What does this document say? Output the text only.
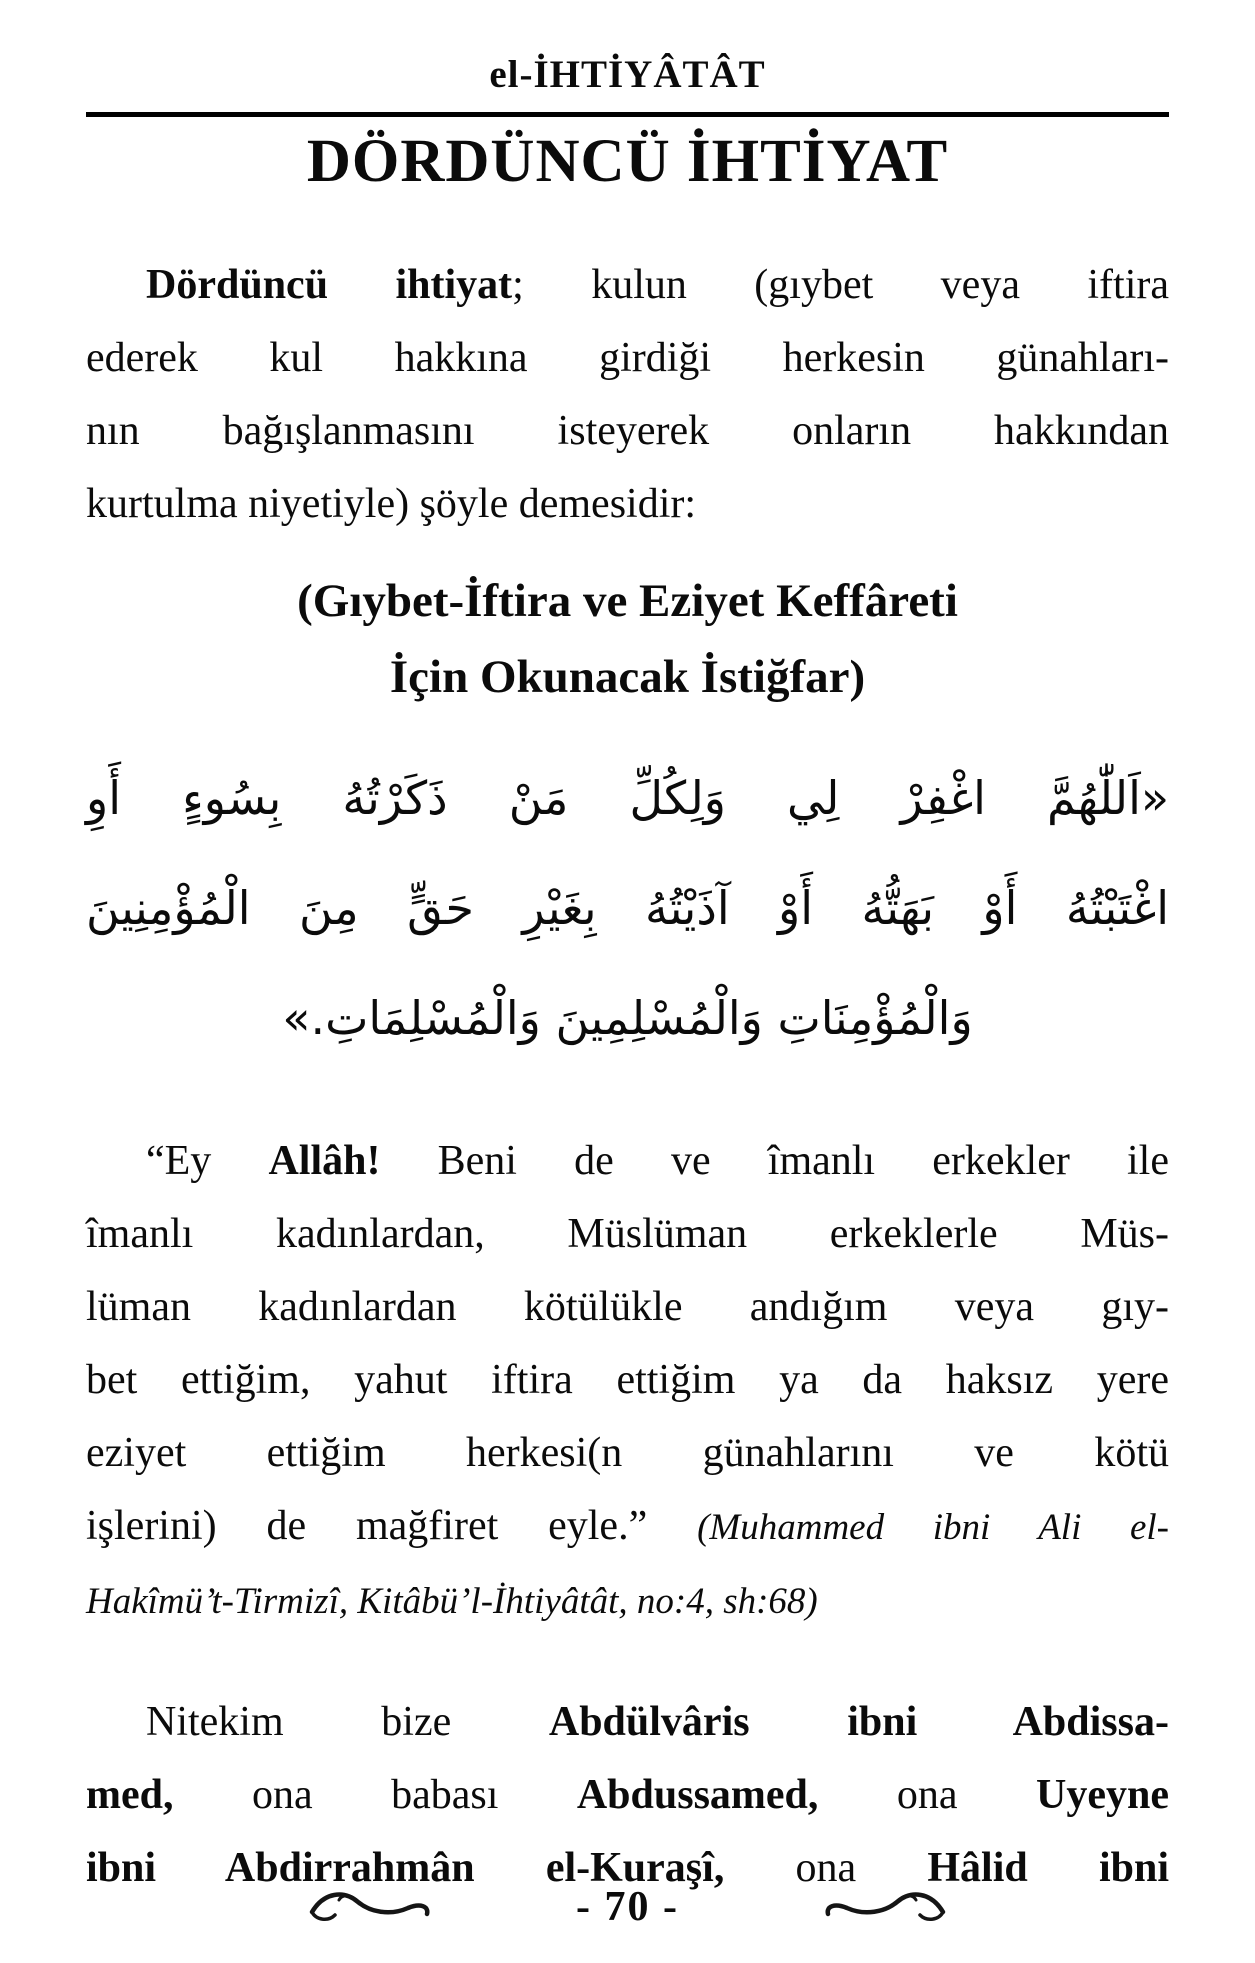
el-İHTİYÂTÂT
DÖRDÜNCÜ İHTİYAT
Dördüncü ihtiyat; kulun (gıybet veya iftira
ederek kul hakkına girdiği herkesin günahları-
nın bağışlanmasını isteyerek onların hakkından
kurtulma niyetiyle) şöyle demesidir:
(Gıybet-İftira ve Eziyet Keffâreti
İçin Okunacak İstiğfar)
«اَللّٰهُمَّ اغْفِرْ لِي وَلِكُلِّ مَنْ ذَكَرْتُهُ بِسُوءٍ أَوِ
اغْتَبْتُهُ أَوْ بَهَتُّهُ أَوْ آذَيْتُهُ بِغَيْرِ حَقٍّ مِنَ الْمُؤْمِنِينَ
وَالْمُؤْمِنَاتِ وَالْمُسْلِمِينَ وَالْمُسْلِمَاتِ.»
“Ey Allâh! Beni de ve îmanlı erkekler ile
îmanlı kadınlardan, Müslüman erkeklerle Müs-
lüman kadınlardan kötülükle andığım veya gıy-
bet ettiğim, yahut iftira ettiğim ya da haksız yere
eziyet ettiğim herkesi(n günahlarını ve kötü
işlerini) de mağfiret eyle.” (Muhammed ibni Ali el-
Hakîmü’t-Tirmizî, Kitâbü’l-İhtiyâtât, no:4, sh:68)
Nitekim bize Abdülvâris ibni Abdissa-
med, ona babası Abdussamed, ona Uyeyne
ibni Abdirrahmân el-Kuraşî, ona Hâlid ibni
- 70 -
